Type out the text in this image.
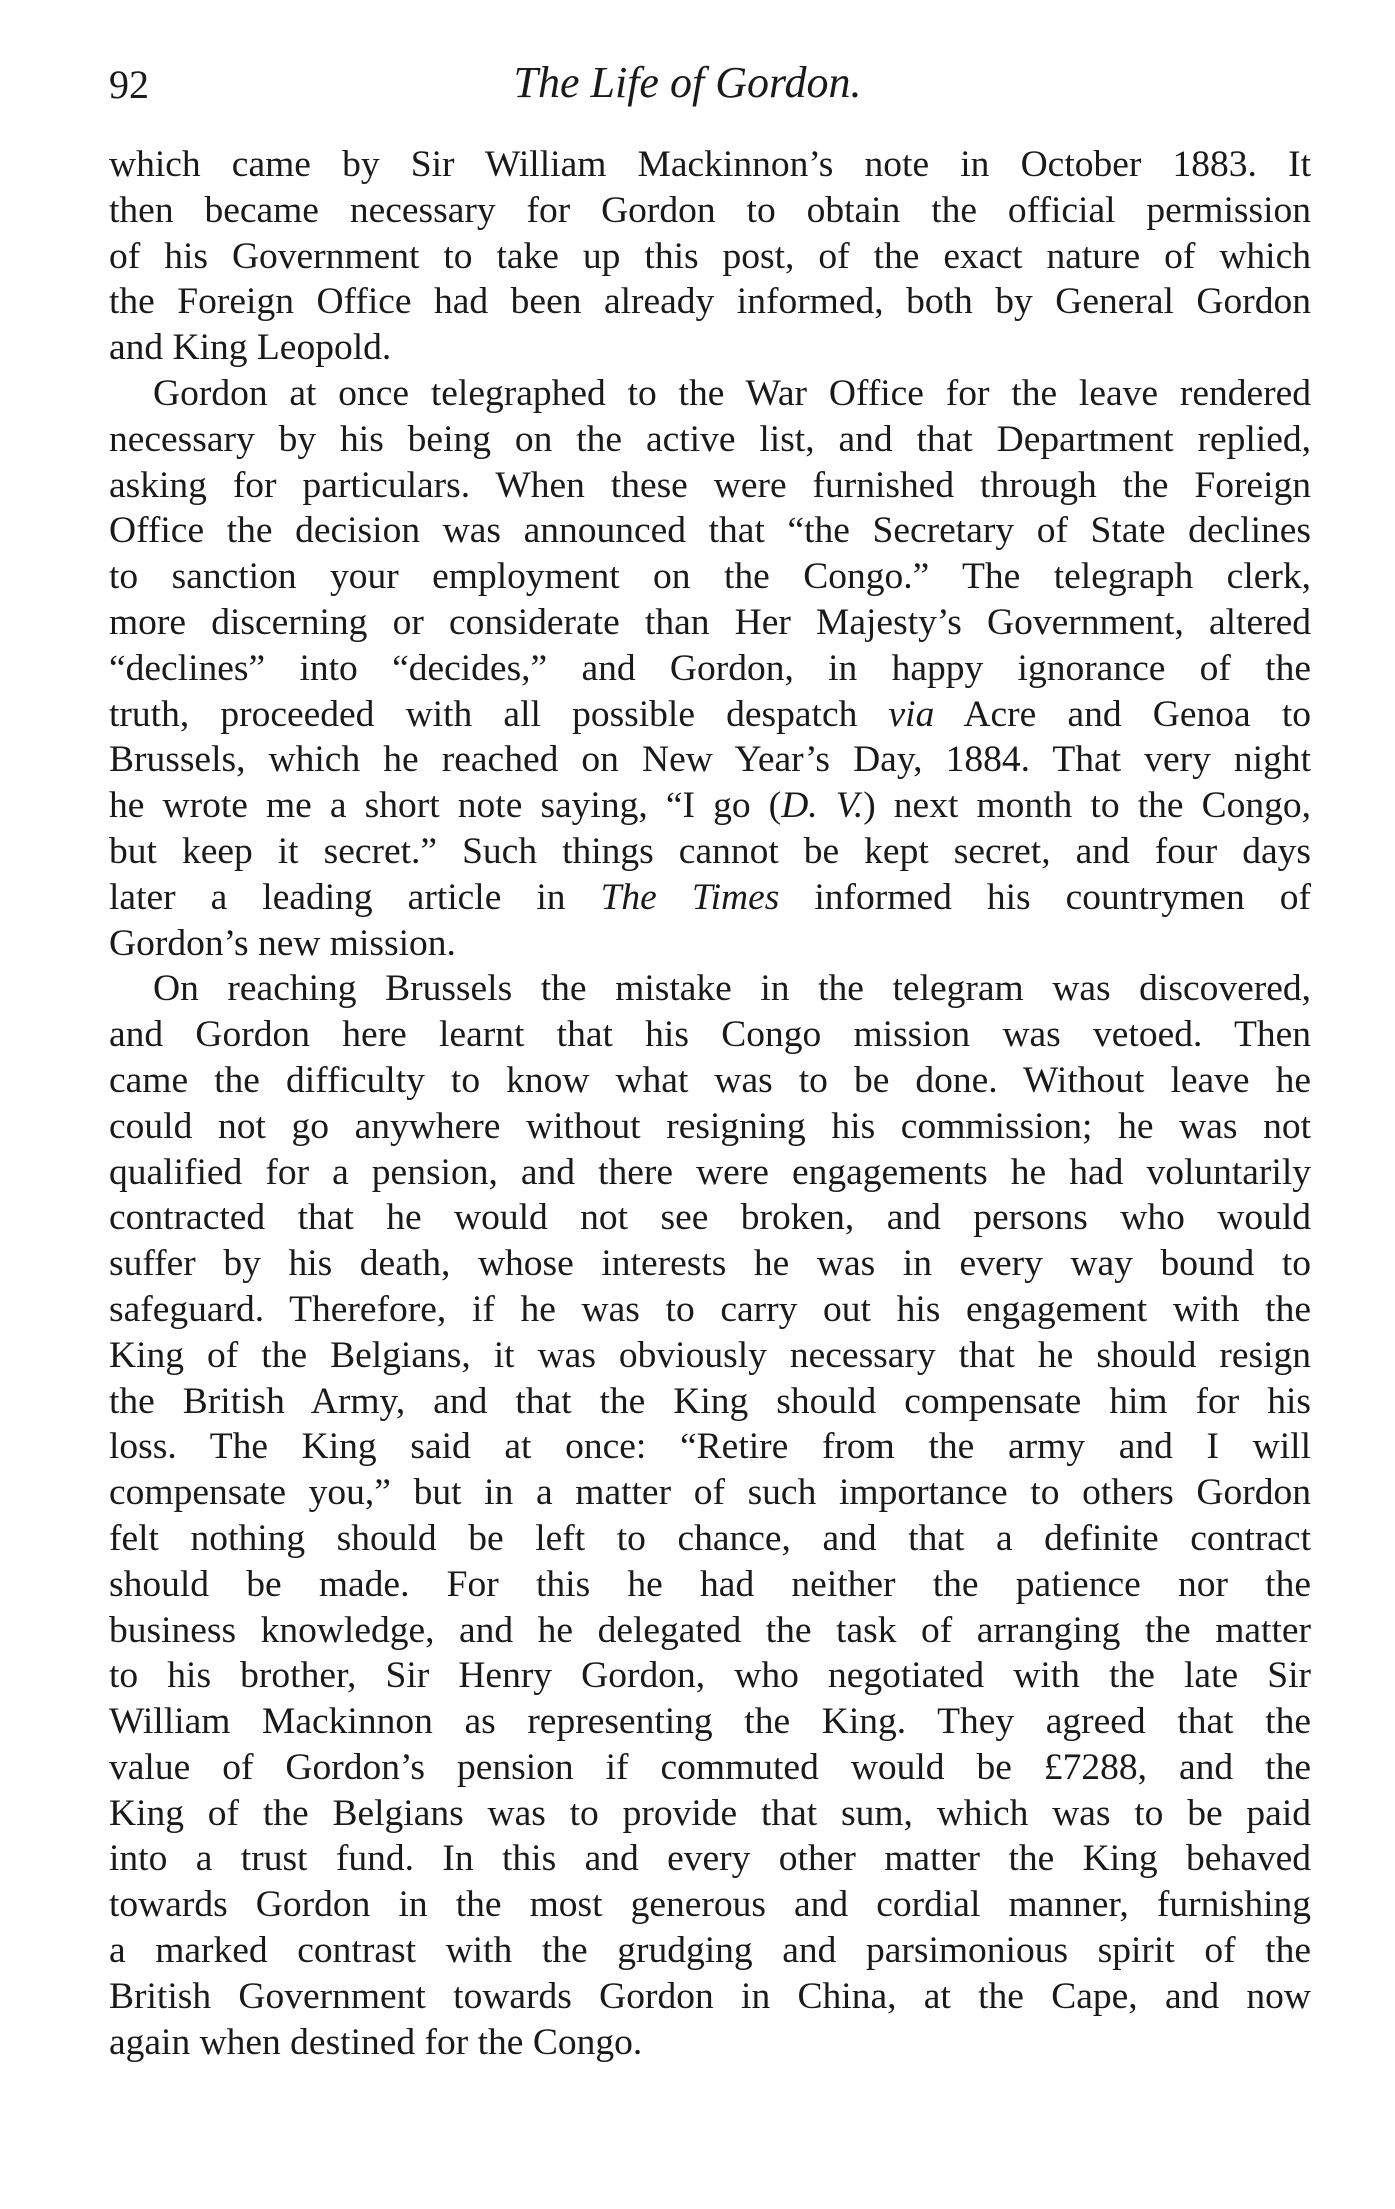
92	The Life of Gordon.
which came by Sir William Mackinnon’s note in October 1883. It
then became necessary for Gordon to obtain the official permission
of his Government to take up this post, of the exact nature of which
the Foreign Office had been already informed, both by General Gordon
and King Leopold.
Gordon at once telegraphed to the War Office for the leave rendered
necessary by his being on the active list, and that Department replied,
asking for particulars. When these were furnished through the Foreign
Office the decision was announced that “the Secretary of State declines
to sanction your employment on the Congo.” The telegraph clerk,
more discerning or considerate than Her Majesty’s Government, altered
“declines” into “decides,” and Gordon, in happy ignorance of the
truth, proceeded with all possible despatch via Acre and Genoa to
Brussels, which he reached on New Year’s Day, 1884. That very night
he wrote me a short note saying, “I go (D. V.) next month to the Congo,
but keep it secret.” Such things cannot be kept secret, and four days
later a leading article in The Times informed his countrymen of
Gordon’s new mission.
On reaching Brussels the mistake in the telegram was discovered,
and Gordon here learnt that his Congo mission was vetoed. Then
came the difficulty to know what was to be done. Without leave he
could not go anywhere without resigning his commission; he was not
qualified for a pension, and there were engagements he had voluntarily
contracted that he would not see broken, and persons who would
suffer by his death, whose interests he was in every way bound to
safeguard. Therefore, if he was to carry out his engagement with the
King of the Belgians, it was obviously necessary that he should resign
the British Army, and that the King should compensate him for his
loss. The King said at once: “Retire from the army and I will
compensate you,” but in a matter of such importance to others Gordon
felt nothing should be left to chance, and that a definite contract
should be made. For this he had neither the patience nor the
business knowledge, and he delegated the task of arranging the matter
to his brother, Sir Henry Gordon, who negotiated with the late Sir
William Mackinnon as representing the King. They agreed that the
value of Gordon’s pension if commuted would be £7288, and the
King of the Belgians was to provide that sum, which was to be paid
into a trust fund. In this and every other matter the King behaved
towards Gordon in the most generous and cordial manner, furnishing
a marked contrast with the grudging and parsimonious spirit of the
British Government towards Gordon in China, at the Cape, and now
again when destined for the Congo.
